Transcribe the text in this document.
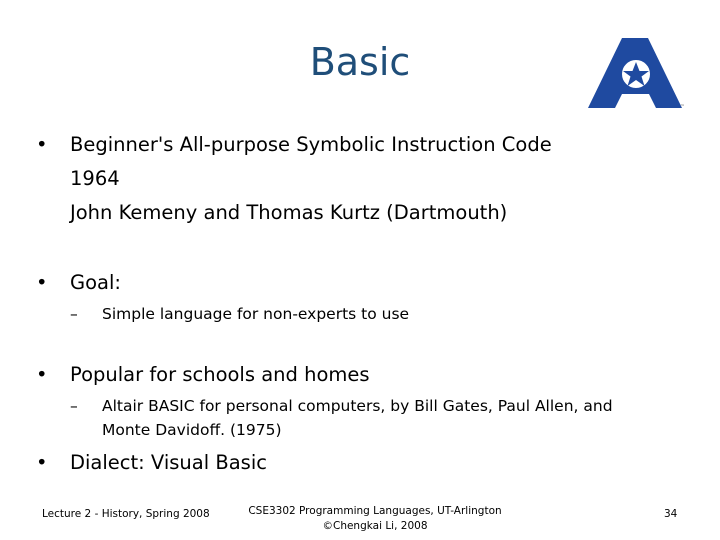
Basic
™
• Beginner's All-purpose Symbolic Instruction Code
1964
John Kemeny and Thomas Kurtz (Dartmouth)
• Goal:
– Simple language for non-experts to use
• Popular for schools and homes
– Altair BASIC for personal computers, by Bill Gates, Paul Allen, and
Monte Davidoff. (1975)
• Dialect: Visual Basic
Lecture 2 - History, Spring 2008	CSE3302 Programming Languages, UT-Arlington
©Chengkai Li, 2008
34
